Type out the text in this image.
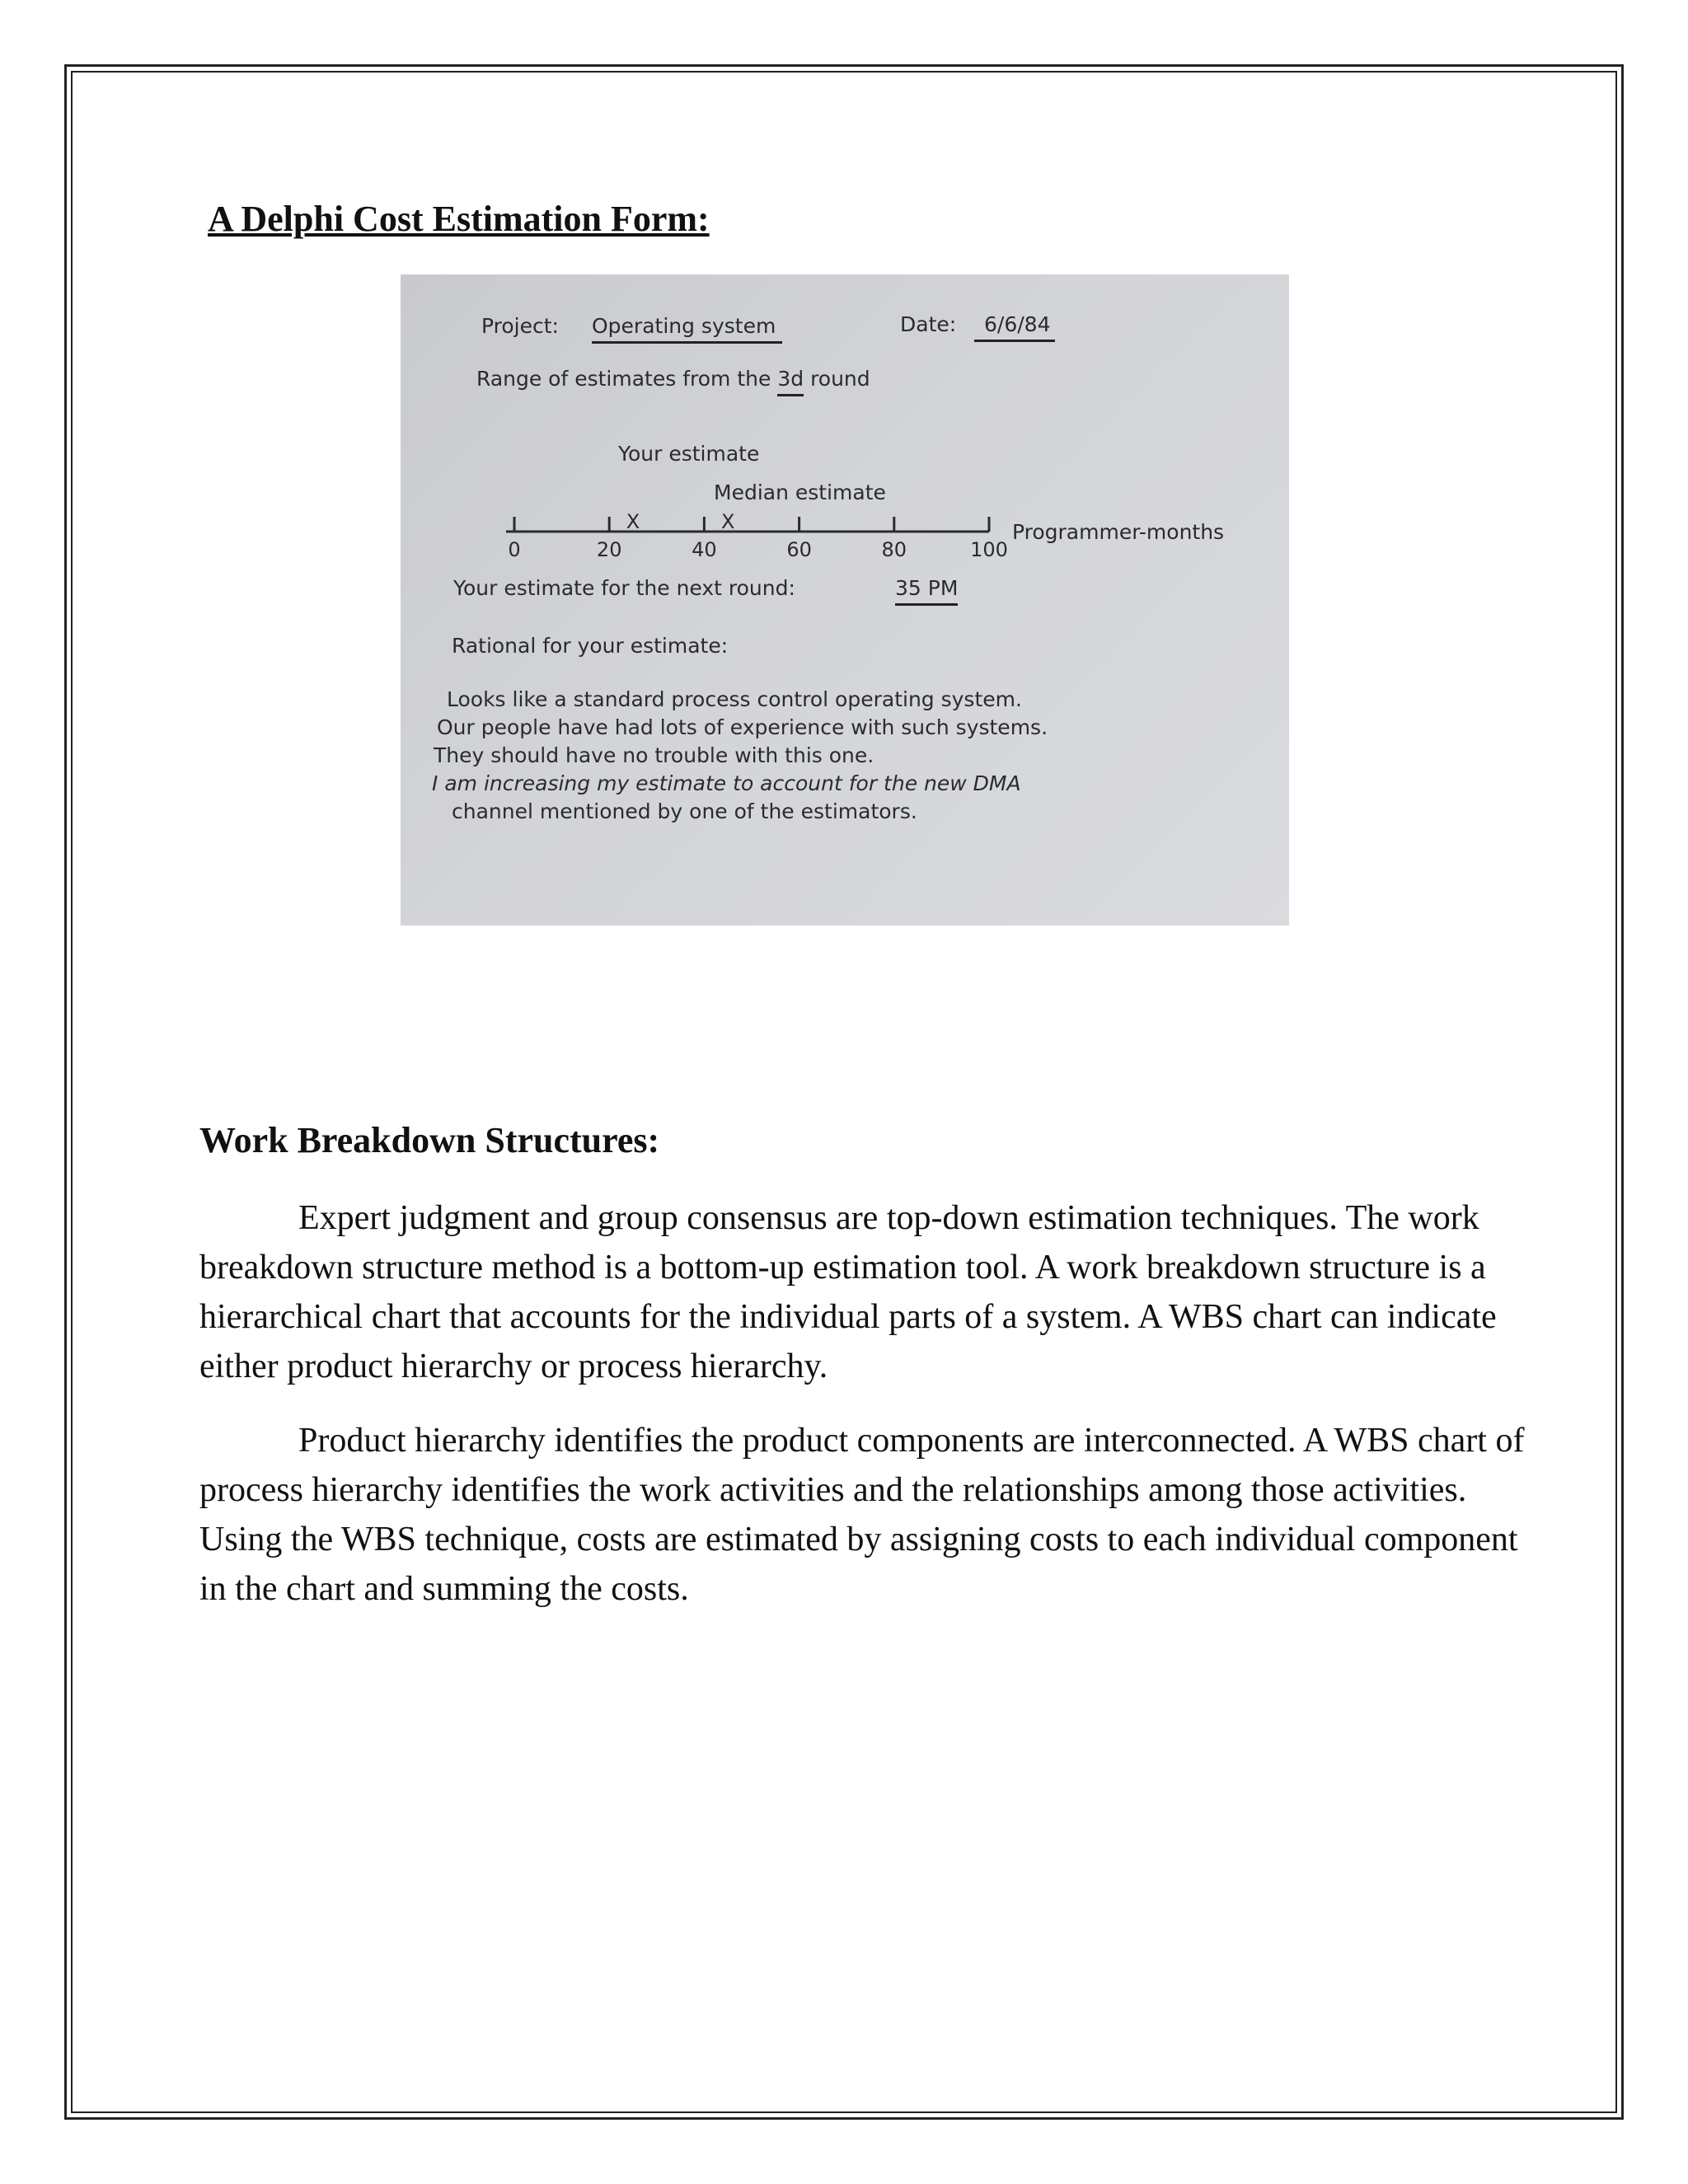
A Delphi Cost Estimation Form:
Project: Operating system	Date:	6/6/84
Range of estimates from the 3d round
Your estimate
Median estimate
0	20	40	60	80	100
X	X	Programmer-months
Your estimate for the next round:	35 PM
Rational for your estimate:
Looks like a standard process control operating system.
Our people have had lots of experience with such systems.
They should have no trouble with this one.
I am increasing my estimate to account for the new DMA
channel mentioned by one of the estimators.
Work Breakdown Structures:

Expert judgment and group consensus are top-down estimation techniques. The work breakdown structure method is a bottom-up estimation tool. A work breakdown structure is a hierarchical chart that accounts for the individual parts of a system. A WBS chart can indicate either product hierarchy or process hierarchy.

Product hierarchy identifies the product components are interconnected. A WBS chart of process hierarchy identifies the work activities and the relationships among those activities. Using the WBS technique, costs are estimated by assigning costs to each individual component in the chart and summing the costs.
